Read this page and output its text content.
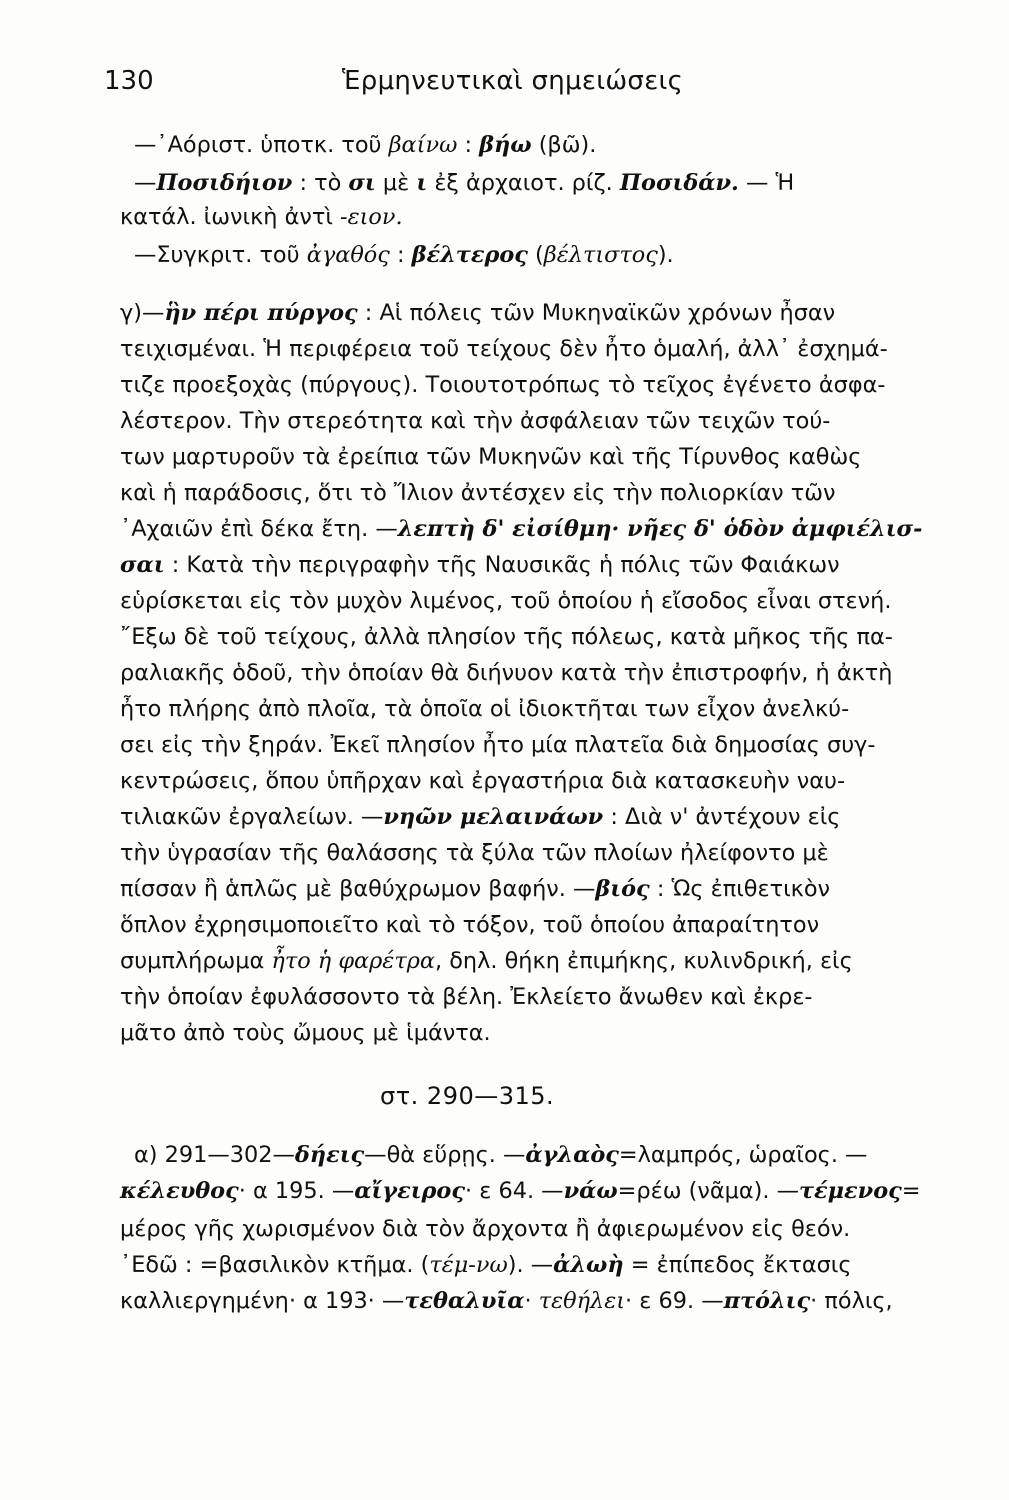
130	Ἑρμηνευτικαὶ σημειώσεις
—᾿Αόριστ. ὑποτκ. τοῦ βαίνω : βήω (βῶ).
—Ποσιδήιον : τὸ σι μὲ ι ἐξ ἀρχαιοτ. ρίζ. Ποσιδάν. — Ἡ
κατάλ. ἰωνικὴ ἀντὶ -ειον.
—Συγκριτ. τοῦ ἀγαθός : βέλτερος (βέλτιστος).
γ)—ἣν πέρι πύργος : Αἱ πόλεις τῶν Μυκηναϊκῶν χρόνων ἦσαν
τειχισμέναι. Ἡ περιφέρεια τοῦ τείχους δὲν ἦτο ὁμαλή, ἀλλ᾿ ἐσχημά-
τιζε προεξοχὰς (πύργους). Τοιουτοτρόπως τὸ τεῖχος ἐγένετο ἀσφα-
λέστερον. Τὴν στερεότητα καὶ τὴν ἀσφάλειαν τῶν τειχῶν τού-
των μαρτυροῦν τὰ ἐρείπια τῶν Μυκηνῶν καὶ τῆς Τίρυνθος καθὼς
καὶ ἡ παράδοσις, ὅτι τὸ Ἴλιον ἀντέσχεν εἰς τὴν πολιορκίαν τῶν
᾿Αχαιῶν ἐπὶ δέκα ἔτη. —λεπτὴ δ' εἰσίθμη· νῆες δ' ὁδὸν ἀμφιέλισ-
σαι : Κατὰ τὴν περιγραφὴν τῆς Ναυσικᾶς ἡ πόλις τῶν Φαιάκων
εὑρίσκεται εἰς τὸν μυχὸν λιμένος, τοῦ ὁποίου ἡ εἴσοδος εἶναι στενή.
῎Εξω δὲ τοῦ τείχους, ἀλλὰ πλησίον τῆς πόλεως, κατὰ μῆκος τῆς πα-
ραλιακῆς ὁδοῦ, τὴν ὁποίαν θὰ διήνυον κατὰ τὴν ἐπιστροφήν, ἡ ἀκτὴ
ἦτο πλήρης ἀπὸ πλοῖα, τὰ ὁποῖα οἱ ἰδιοκτῆται των εἶχον ἀνελκύ-
σει εἰς τὴν ξηράν. Ἐκεῖ πλησίον ἦτο μία πλατεῖα διὰ δημοσίας συγ-
κεντρώσεις, ὅπου ὑπῆρχαν καὶ ἐργαστήρια διὰ κατασκευὴν ναυ-
τιλιακῶν ἐργαλείων. —νηῶν μελαινάων : Διὰ ν' ἀντέχουν εἰς
τὴν ὑγρασίαν τῆς θαλάσσης τὰ ξύλα τῶν πλοίων ἠλείφοντο μὲ
πίσσαν ἢ ἁπλῶς μὲ βαθύχρωμον βαφήν. —βιός : Ὡς ἐπιθετικὸν
ὅπλον ἐχρησιμοποιεῖτο καὶ τὸ τόξον, τοῦ ὁποίου ἀπαραίτητον
συμπλήρωμα ἦτο ἡ φαρέτρα, δηλ. θήκη ἐπιμήκης, κυλινδρική, εἰς
τὴν ὁποίαν ἐφυλάσσοντο τὰ βέλη. Ἐκλείετο ἄνωθεν καὶ ἐκρε-
μᾶτο ἀπὸ τοὺς ὤμους μὲ ἱμάντα.
στ. 290—315.
α) 291—302—δήεις—θὰ εὕρῃς. —ἀγλαὸς=λαμπρός, ὡραῖος. —
κέλευθος· α 195. —αἴγειρος· ε 64. —νάω=ρέω (νᾶμα). —τέμενος=
μέρος γῆς χωρισμένον διὰ τὸν ἄρχοντα ἢ ἀφιερωμένον εἰς θεόν.
᾿Εδῶ : =βασιλικὸν κτῆμα. (τέμ-νω). —ἀλωὴ = ἐπίπεδος ἔκτασις
καλλιεργημένη· α 193· —τεθαλυῖα· τεθήλει· ε 69. —πτόλις· πόλις,
